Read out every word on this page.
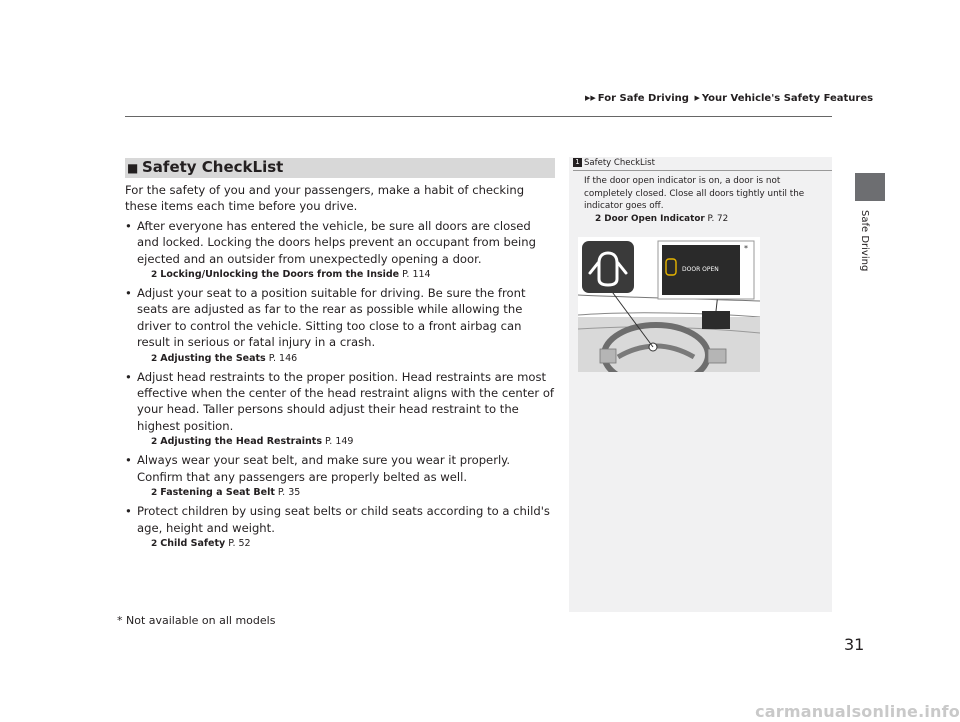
▶▶ For Safe Driving ▶ Your Vehicle's Safety Features
Safe Driving
■ Safety CheckList

For the safety of you and your passengers, make a habit of checking these items each time before you drive.

• After everyone has entered the vehicle, be sure all doors are closed and locked. Locking the doors helps prevent an occupant from being ejected and an outsider from unexpectedly opening a door.
2 Locking/Unlocking the Doors from the Inside P. 114
• Adjust your seat to a position suitable for driving. Be sure the front seats are adjusted as far to the rear as possible while allowing the driver to control the vehicle. Sitting too close to a front airbag can result in serious or fatal injury in a crash.
2 Adjusting the Seats P. 146
• Adjust head restraints to the proper position. Head restraints are most effective when the center of the head restraint aligns with the center of your head. Taller persons should adjust their head restraint to the highest position.
2 Adjusting the Head Restraints P. 149
• Always wear your seat belt, and make sure you wear it properly. Confirm that any passengers are properly belted as well.
2 Fastening a Seat Belt P. 35
• Protect children by using seat belts or child seats according to a child's age, height and weight.
2 Child Safety P. 52
1 Safety CheckList
If the door open indicator is on, a door is not completely closed. Close all doors tightly until the indicator goes off.
2 Door Open Indicator P. 72
DOOR OPEN
*
* Not available on all models
31
carmanualsonline.info
